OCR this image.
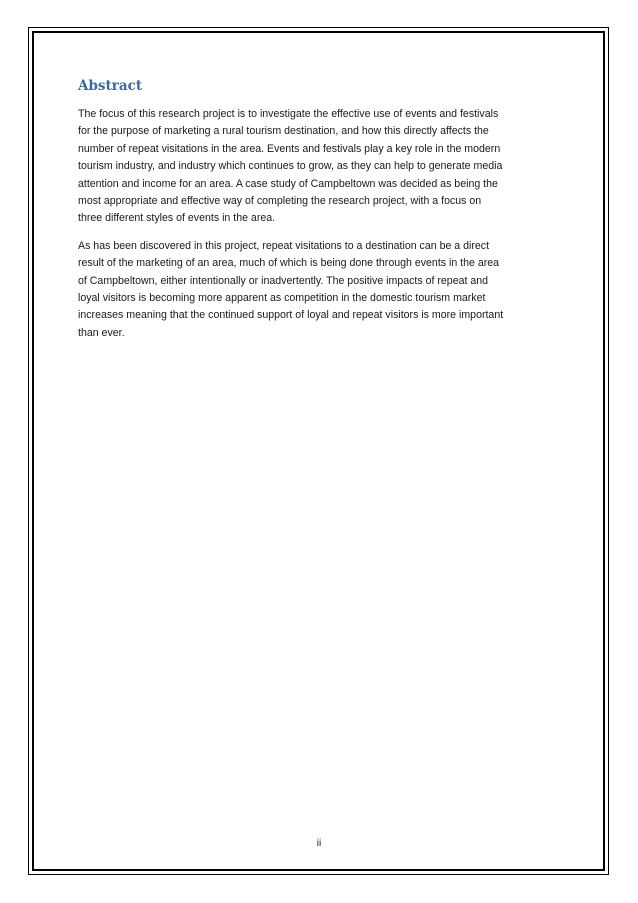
Abstract

The focus of this research project is to investigate the effective use of events and festivals
for the purpose of marketing a rural tourism destination, and how this directly affects the
number of repeat visitations in the area. Events and festivals play a key role in the modern
tourism industry, and industry which continues to grow, as they can help to generate media
attention and income for an area. A case study of Campbeltown was decided as being the
most appropriate and effective way of completing the research project, with a focus on
three different styles of events in the area.

As has been discovered in this project, repeat visitations to a destination can be a direct
result of the marketing of an area, much of which is being done through events in the area
of Campbeltown, either intentionally or inadvertently. The positive impacts of repeat and
loyal visitors is becoming more apparent as competition in the domestic tourism market
increases meaning that the continued support of loyal and repeat visitors is more important
than ever.

ii
